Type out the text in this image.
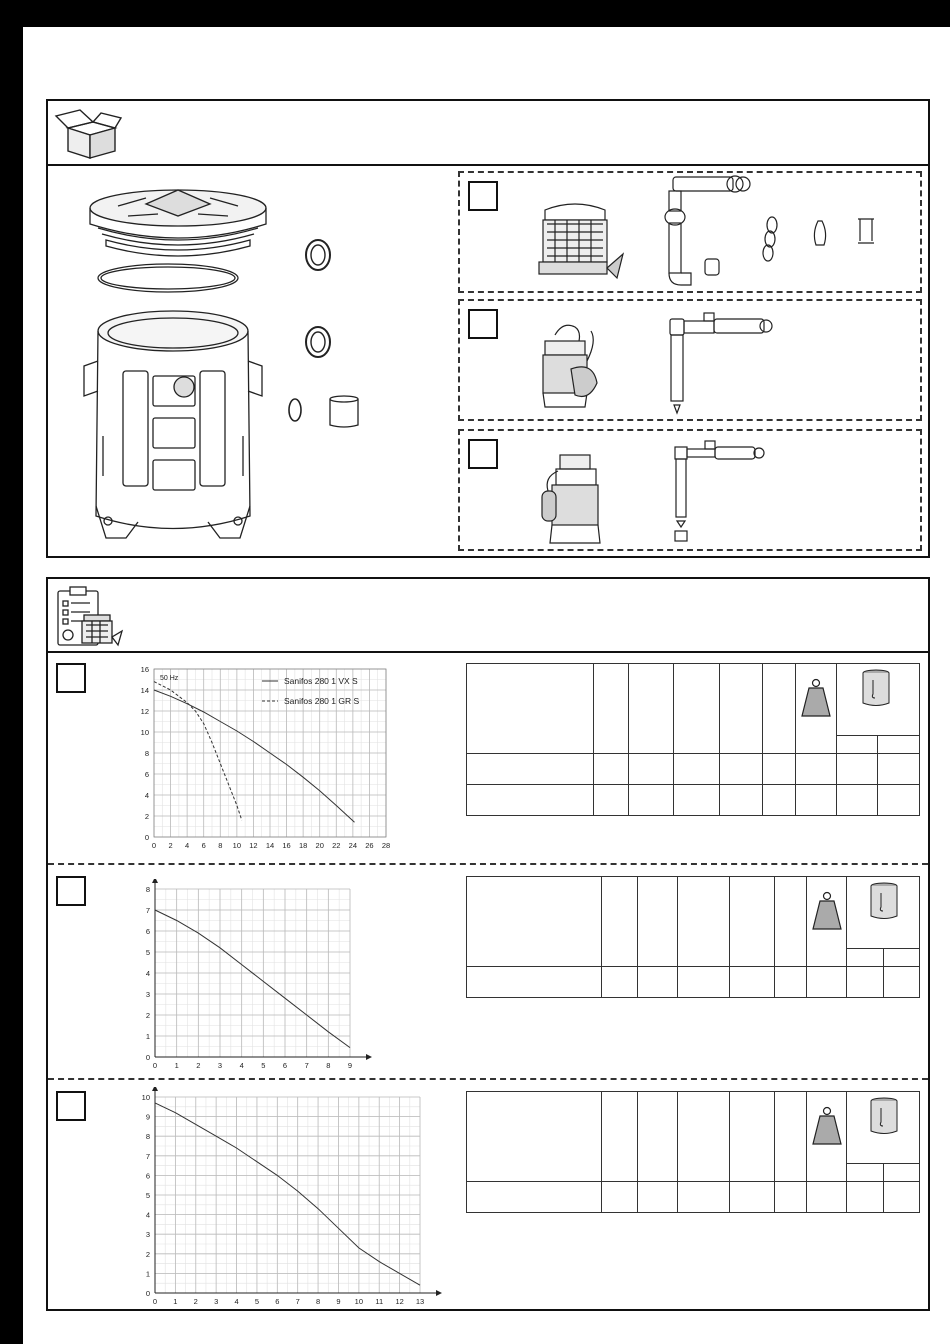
0 2 4 6 8 10 12 14 16 18 20 22 24 26 28
0
2
4
6
8
10
12
14
16
50 Hz	Sanifos 280 1 VX S
Sanifos 280 1 GR S
0 1 2 3 4 5 6 7 8 9
0
1
2
3
4
5
6
7
8
0 1 2 3 4 5 6 7 8 9 10 11 12 13
0
1
2
3
4
5
6
7
8
9
10
